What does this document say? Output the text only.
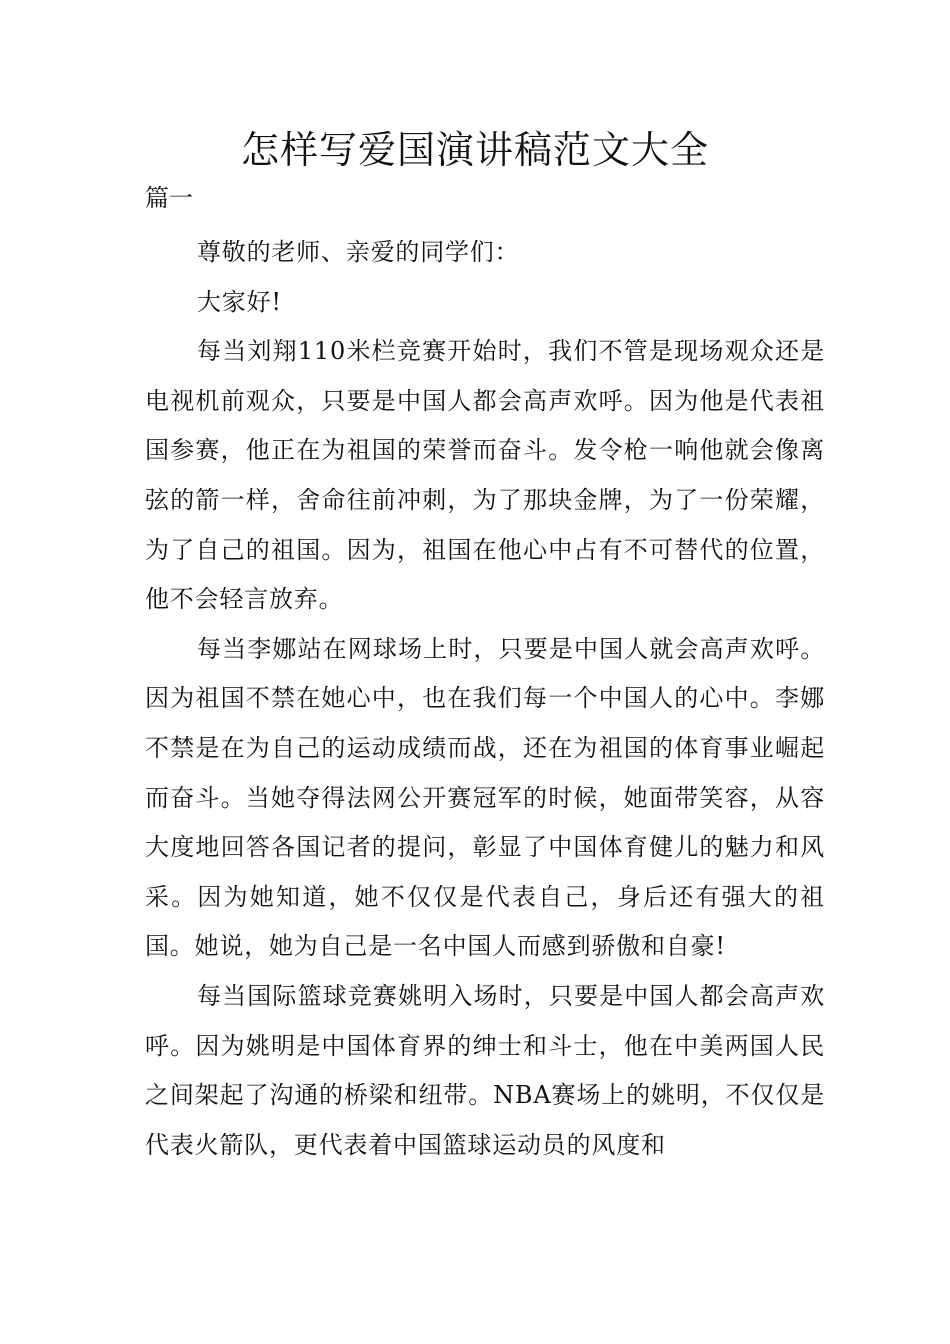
怎样写爱国演讲稿范文大全

篇一

尊敬的老师、亲爱的同学们：

大家好!

每当刘翔110米栏竞赛开始时，我们不管是现场观众还是电视机前观众，只要是中国人都会高声欢呼。因为他是代表祖国参赛，他正在为祖国的荣誉而奋斗。发令枪一响他就会像离弦的箭一样，舍命往前冲刺，为了那块金牌，为了一份荣耀，为了自己的祖国。因为，祖国在他心中占有不可替代的位置，他不会轻言放弃。

每当李娜站在网球场上时，只要是中国人就会高声欢呼。因为祖国不禁在她心中，也在我们每一个中国人的心中。李娜不禁是在为自己的运动成绩而战，还在为祖国的体育事业崛起而奋斗。当她夺得法网公开赛冠军的时候，她面带笑容，从容大度地回答各国记者的提问，彰显了中国体育健儿的魅力和风采。因为她知道，她不仅仅是代表自己，身后还有强大的祖国。她说，她为自己是一名中国人而感到骄傲和自豪!

每当国际篮球竞赛姚明入场时，只要是中国人都会高声欢呼。因为姚明是中国体育界的绅士和斗士，他在中美两国人民之间架起了沟通的桥梁和纽带。NBA赛场上的姚明，不仅仅是代表火箭队，更代表着中国篮球运动员的风度和
